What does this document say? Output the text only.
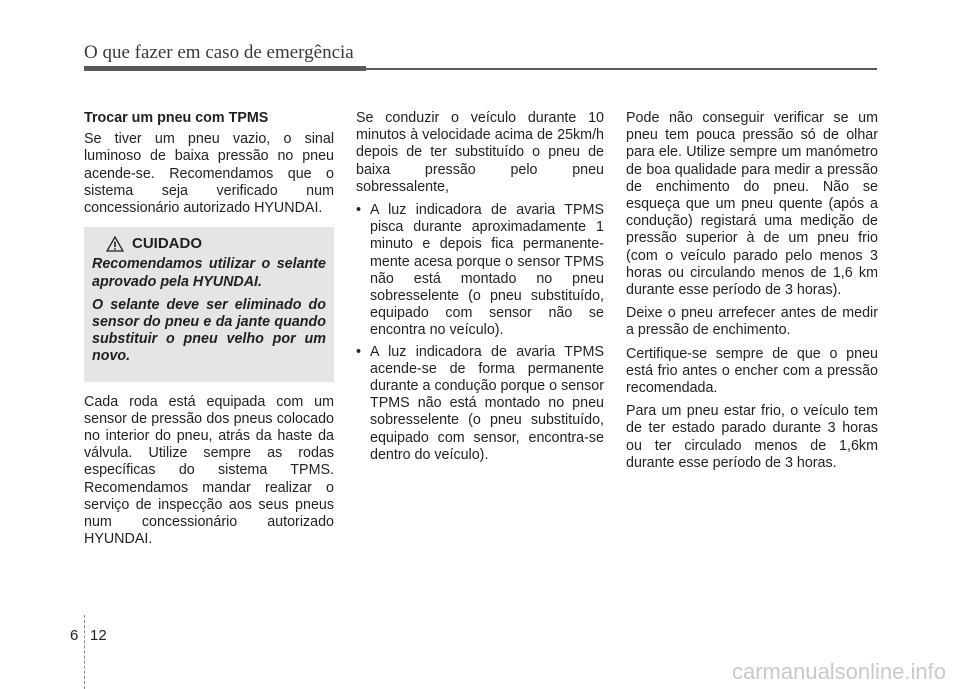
O que fazer em caso de emergência

Trocar um pneu com TPMS

Se tiver um pneu vazio, o sinal luminoso de baixa pressão no pneu acende-se. Recomendamos que o sistema seja verificado num concessionário autorizado HYUNDAI.

CUIDADO

Recomendamos utilizar o selante aprovado pela HYUNDAI.

O selante deve ser eliminado do sensor do pneu e da jante quando substituir o pneu velho por um novo.

Cada roda está equipada com um sensor de pressão dos pneus colocado no interior do pneu, atrás da haste da válvula. Utilize sempre as rodas específicas do sistema TPMS. Recomendamos mandar realizar o serviço de inspecção aos seus pneus num concessionário autorizado HYUNDAI.

Se conduzir o veículo durante 10 minutos à velocidade acima de 25km/h depois de ter substituído o pneu de baixa pressão pelo pneu sobressalente,

• A luz indicadora de avaria TPMS pisca durante aproximadamente 1 minuto e depois fica permanentemente acesa porque o sensor TPMS não está montado no pneu sobresselente (o pneu substituído, equipado com sensor não se encontra no veículo).
• A luz indicadora de avaria TPMS acende-se de forma permanente durante a condução porque o sensor TPMS não está montado no pneu sobresselente (o pneu substituído, equipado com sensor, encontra-se dentro do veículo).

Pode não conseguir verificar se um pneu tem pouca pressão só de olhar para ele. Utilize sempre um manómetro de boa qualidade para medir a pressão de enchimento do pneu. Não se esqueça que um pneu quente (após a condução) registará uma medição de pressão superior à de um pneu frio (com o veículo parado pelo menos 3 horas ou circulando menos de 1,6 km durante esse período de 3 horas).

Deixe o pneu arrefecer antes de medir a pressão de enchimento.

Certifique-se sempre de que o pneu está frio antes o encher com a pressão recomendada.

Para um pneu estar frio, o veículo tem de ter estado parado durante 3 horas ou ter circulado menos de 1,6km durante esse período de 3 horas.

6 12
carmanualsonline.info
